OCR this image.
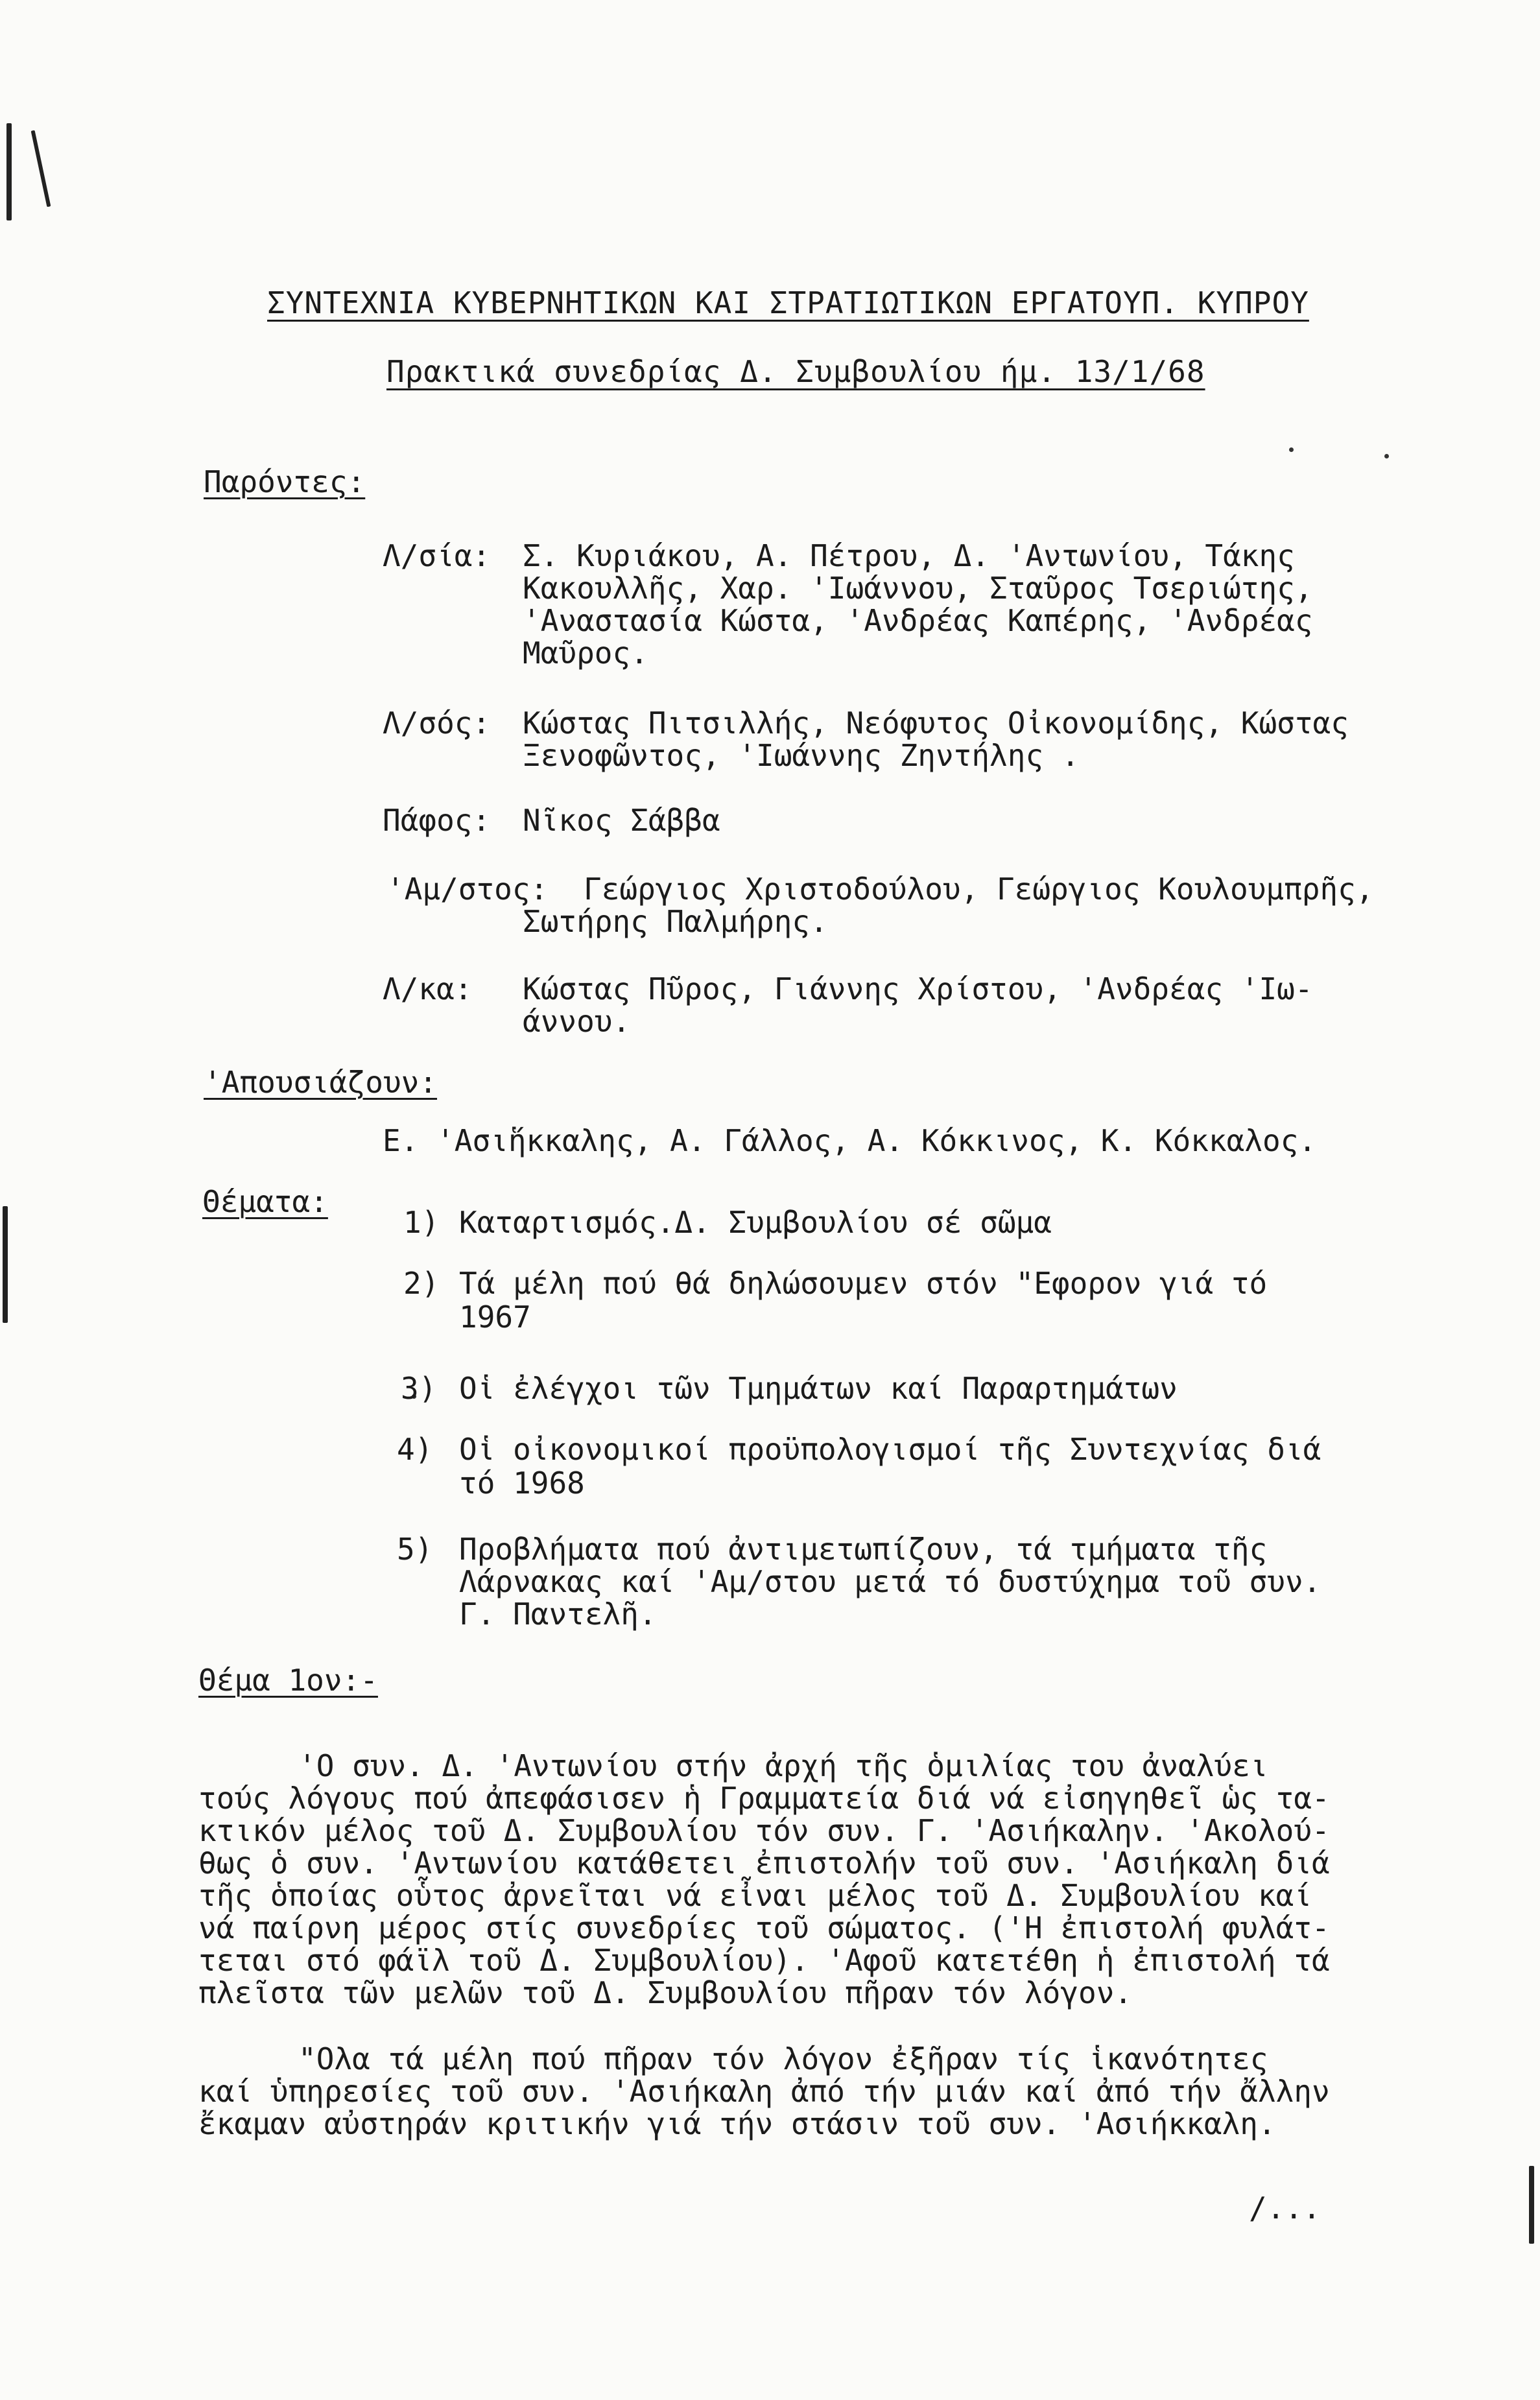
ΣΥΝΤΕΧΝΙΑ ΚΥΒΕΡΝΗΤΙΚΩΝ ΚΑΙ ΣΤΡΑΤΙΩΤΙΚΩΝ ΕΡΓΑΤΟΥΠ. ΚΥΠΡΟΥ
Πρακτικά συνεδρίας Δ. Συμβουλίου ήμ. 13/1/68
Παρόντες:
Λ/σία: Σ. Κυριάκου, Α. Πέτρου, Δ. 'Αντωνίου, Τάκης
Κακουλλῆς, Χαρ. 'Ιωάννου, Σταῦρος Τσεριώτης,
'Αναστασία Κώστα, 'Ανδρέας Καπέρης, 'Ανδρέας
Μαῦρος.
Λ/σός: Κώστας Πιτσιλλής, Νεόφυτος Οἰκονομίδης, Κώστας
Ξενοφῶντος, 'Ιωάννης Ζηντήλης .
Πάφος: Νῖκος Σάββα
'Αμ/στος: Γεώργιος Χριστοδούλου, Γεώργιος Κουλουμπρῆς,
Σωτήρης Παλμήρης.
Λ/κα: Κώστας Πῦρος, Γιάννης Χρίστου, 'Ανδρέας 'Ιω-
άννου.
'Απουσιάζουν:
Ε. 'Ασιἥκκαλης, Α. Γάλλος, Α. Κόκκινος, Κ. Κόκκαλος.
Θέματα:
1) Καταρτισμός.Δ. Συμβουλίου σέ σῶμα
2) Τά μέλη πού θά δηλώσουμεν στόν "Εφορον γιά τό
1967
3) Οἱ ἐλέγχοι τῶν Τμημάτων καί Παραρτημάτων
4) Οἱ οἰκονομικοί προϋπολογισμοί τῆς Συντεχνίας διά
τό 1968
5) Προβλήματα πού ἀντιμετωπίζουν, τά τμήματα τῆς
Λάρνακας καί 'Αμ/στου μετά τό δυστύχημα τοῦ συν.
Γ. Παντελῆ.
Θέμα 1ον:-
'Ο συν. Δ. 'Αντωνίου στήν ἀρχή τῆς ὁμιλίας του ἀναλύει
τούς λόγους πού ἀπεφάσισεν ἡ Γραμματεία διά νά εἰσηγηθεῖ ὡς τα-
κτικόν μέλος τοῦ Δ. Συμβουλίου τόν συν. Γ. 'Ασιήκαλην. 'Ακολού-
θως ὁ συν. 'Αντωνίου κατάθετει ἐπιστολήν τοῦ συν. 'Ασιήκαλη διά
τῆς ὁποίας οὗτος ἀρνεῖται νά εἶναι μέλος τοῦ Δ. Συμβουλίου καί
νά παίρνη μέρος στίς συνεδρίες τοῦ σώματος. ('Η ἐπιστολή φυλάτ-
τεται στό φάϊλ τοῦ Δ. Συμβουλίου). 'Αφοῦ κατετέθη ἡ ἐπιστολή τά
πλεῖστα τῶν μελῶν τοῦ Δ. Συμβουλίου πῆραν τόν λόγον.
"Ολα τά μέλη πού πῆραν τόν λόγον ἐξῆραν τίς ἱκανότητες
καί ὑπηρεσίες τοῦ συν. 'Ασιήκαλη ἀπό τήν μιάν καί ἀπό τήν ἄλλην
ἔκαμαν αὐστηράν κριτικήν γιά τήν στάσιν τοῦ συν. 'Ασιήκκαλη.
/...
